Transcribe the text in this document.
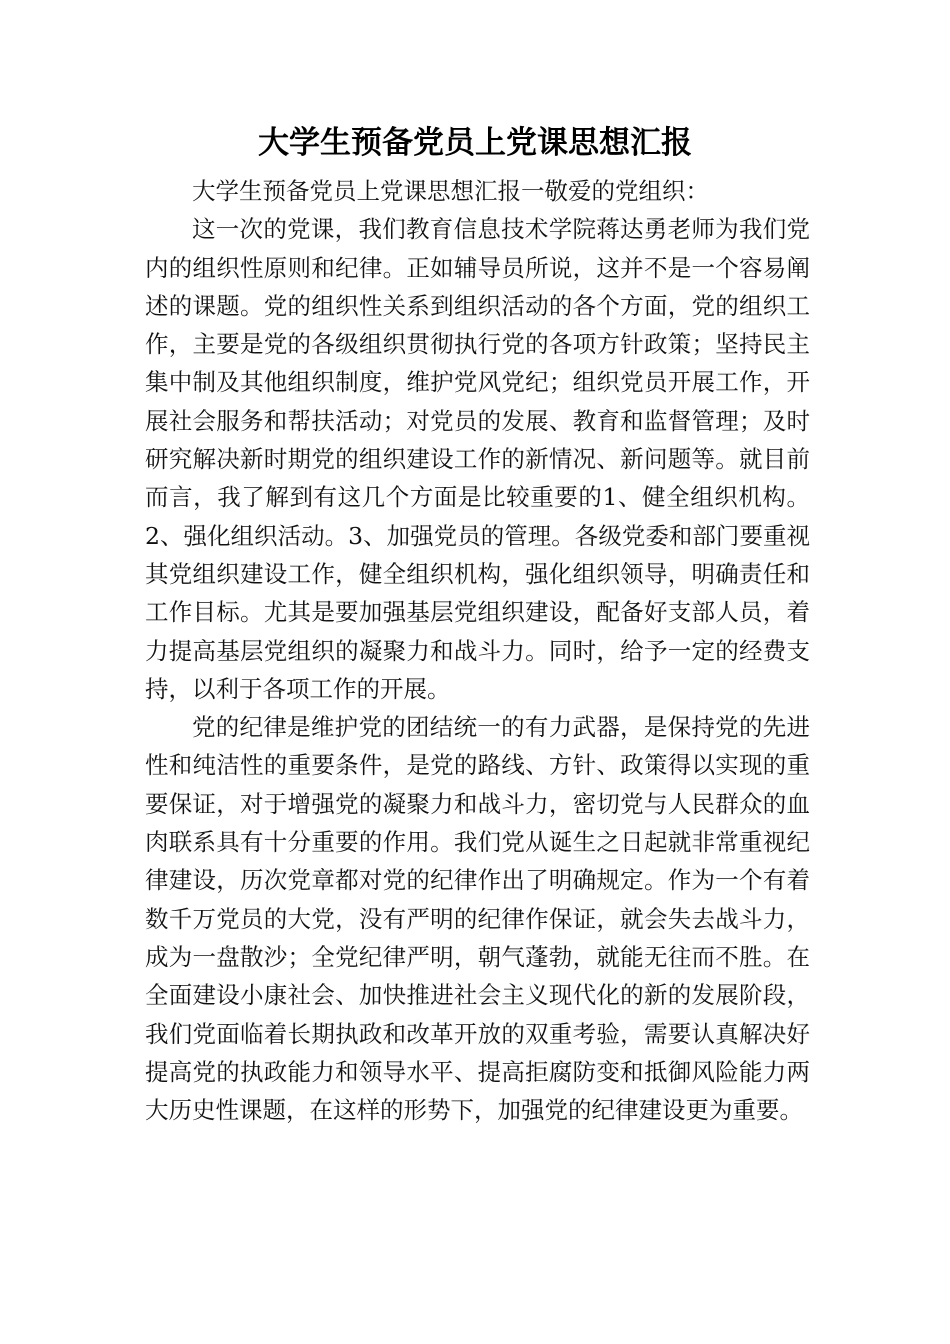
大学生预备党员上党课思想汇报

大学生预备党员上党课思想汇报一敬爱的党组织：

这一次的党课，我们教育信息技术学院蒋达勇老师为我们党内的组织性原则和纪律。正如辅导员所说，这并不是一个容易阐述的课题。党的组织性关系到组织活动的各个方面，党的组织工作，主要是党的各级组织贯彻执行党的各项方针政策；坚持民主集中制及其他组织制度，维护党风党纪；组织党员开展工作，开展社会服务和帮扶活动；对党员的发展、教育和监督管理；及时研究解决新时期党的组织建设工作的新情况、新问题等。就目前而言，我了解到有这几个方面是比较重要的1、健全组织机构。2、强化组织活动。3、加强党员的管理。各级党委和部门要重视其党组织建设工作，健全组织机构，强化组织领导，明确责任和工作目标。尤其是要加强基层党组织建设，配备好支部人员，着力提高基层党组织的凝聚力和战斗力。同时，给予一定的经费支持，以利于各项工作的开展。

党的纪律是维护党的团结统一的有力武器，是保持党的先进性和纯洁性的重要条件，是党的路线、方针、政策得以实现的重要保证，对于增强党的凝聚力和战斗力，密切党与人民群众的血肉联系具有十分重要的作用。我们党从诞生之日起就非常重视纪律建设，历次党章都对党的纪律作出了明确规定。作为一个有着数千万党员的大党，没有严明的纪律作保证，就会失去战斗力，成为一盘散沙；全党纪律严明，朝气蓬勃，就能无往而不胜。在全面建设小康社会、加快推进社会主义现代化的新的发展阶段，我们党面临着长期执政和改革开放的双重考验，需要认真解决好提高党的执政能力和领导水平、提高拒腐防变和抵御风险能力两大历史性课题，在这样的形势下，加强党的纪律建设更为重要。
